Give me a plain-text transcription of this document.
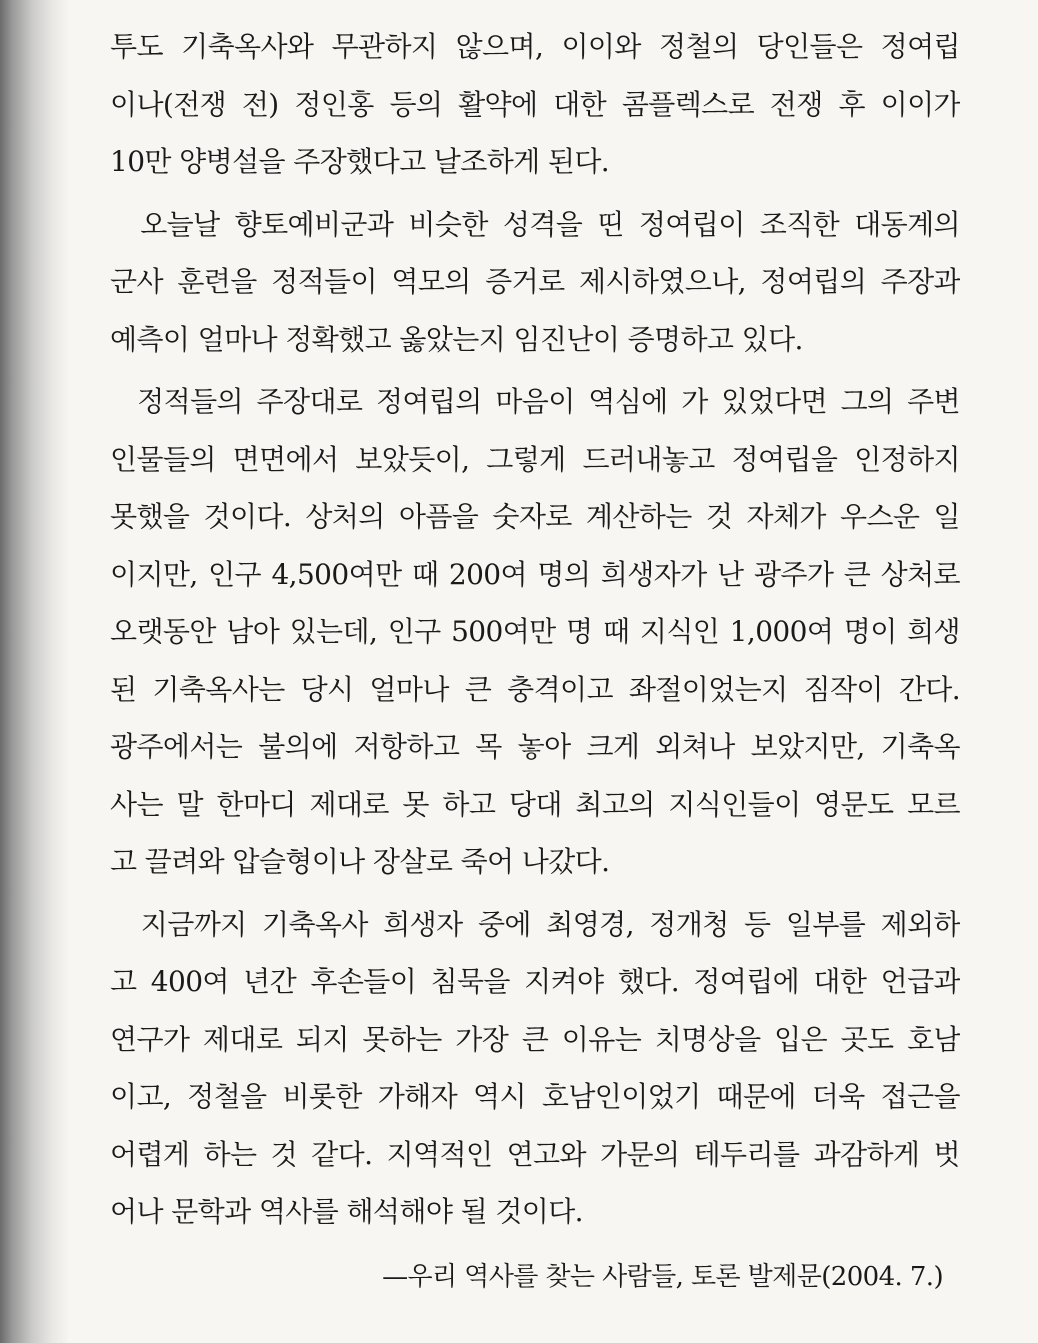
투도 기축옥사와 무관하지 않으며, 이이와 정철의 당인들은 정여립
이나(전쟁 전) 정인홍 등의 활약에 대한 콤플렉스로 전쟁 후 이이가
10만 양병설을 주장했다고 날조하게 된다.

오늘날 향토예비군과 비슷한 성격을 띤 정여립이 조직한 대동계의
군사 훈련을 정적들이 역모의 증거로 제시하였으나, 정여립의 주장과
예측이 얼마나 정확했고 옳았는지 임진난이 증명하고 있다.

정적들의 주장대로 정여립의 마음이 역심에 가 있었다면 그의 주변
인물들의 면면에서 보았듯이, 그렇게 드러내놓고 정여립을 인정하지
못했을 것이다. 상처의 아픔을 숫자로 계산하는 것 자체가 우스운 일
이지만, 인구 4,500여만 때 200여 명의 희생자가 난 광주가 큰 상처로
오랫동안 남아 있는데, 인구 500여만 명 때 지식인 1,000여 명이 희생
된 기축옥사는 당시 얼마나 큰 충격이고 좌절이었는지 짐작이 간다.
광주에서는 불의에 저항하고 목 놓아 크게 외쳐나 보았지만, 기축옥
사는 말 한마디 제대로 못 하고 당대 최고의 지식인들이 영문도 모르
고 끌려와 압슬형이나 장살로 죽어 나갔다.

지금까지 기축옥사 희생자 중에 최영경, 정개청 등 일부를 제외하
고 400여 년간 후손들이 침묵을 지켜야 했다. 정여립에 대한 언급과
연구가 제대로 되지 못하는 가장 큰 이유는 치명상을 입은 곳도 호남
이고, 정철을 비롯한 가해자 역시 호남인이었기 때문에 더욱 접근을
어렵게 하는 것 같다. 지역적인 연고와 가문의 테두리를 과감하게 벗
어나 문학과 역사를 해석해야 될 것이다.

—우리 역사를 찾는 사람들, 토론 발제문(2004. 7.)
